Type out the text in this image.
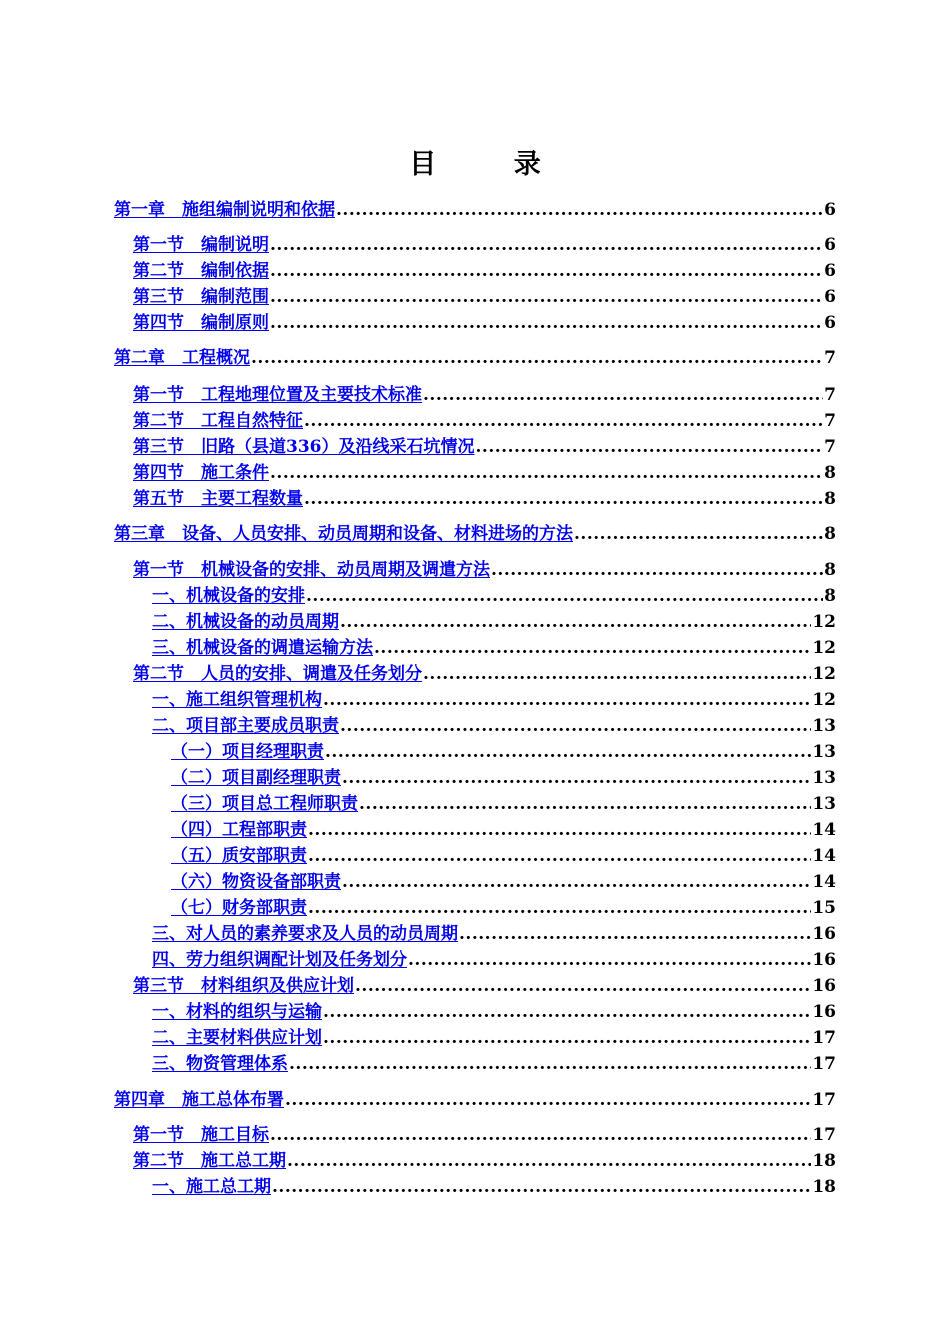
目 录
第一章　施组编制说明和依据 .....	6
第一节　编制说明 .....	6
第二节　编制依据 .....	6
第三节　编制范围 .....	6
第四节　编制原则 .....	6
第二章　工程概况 .....	7
第一节　工程地理位置及主要技术标准 .....	7
第二节　工程自然特征 .....	7
第三节　旧路（县道336）及沿线采石坑情况 .....	7
第四节　施工条件 .....	8
第五节　主要工程数量 .....	8
第三章　设备、人员安排、动员周期和设备、材料进场的方法 .....	8
第一节　机械设备的安排、动员周期及调遣方法 .....	8
一、机械设备的安排 .....	8
二、机械设备的动员周期 .....	12
三、机械设备的调遣运输方法 .....	12
第二节　人员的安排、调遣及任务划分 .....	12
一、施工组织管理机构 .....	12
二、项目部主要成员职责 .....	13
（一）项目经理职责 .....	13
（二）项目副经理职责 .....	13
（三）项目总工程师职责 .....	13
（四）工程部职责 .....	14
（五）质安部职责 .....	14
（六）物资设备部职责 .....	14
（七）财务部职责 .....	15
三、对人员的素养要求及人员的动员周期 .....	16
四、劳力组织调配计划及任务划分 .....	16
第三节　材料组织及供应计划 .....	16
一、材料的组织与运输 .....	16
二、主要材料供应计划 .....	17
三、物资管理体系 .....	17
第四章　施工总体布署 .....	17
第一节　施工目标 .....	17
第二节　施工总工期 .....	18
一、施工总工期 .....	18
